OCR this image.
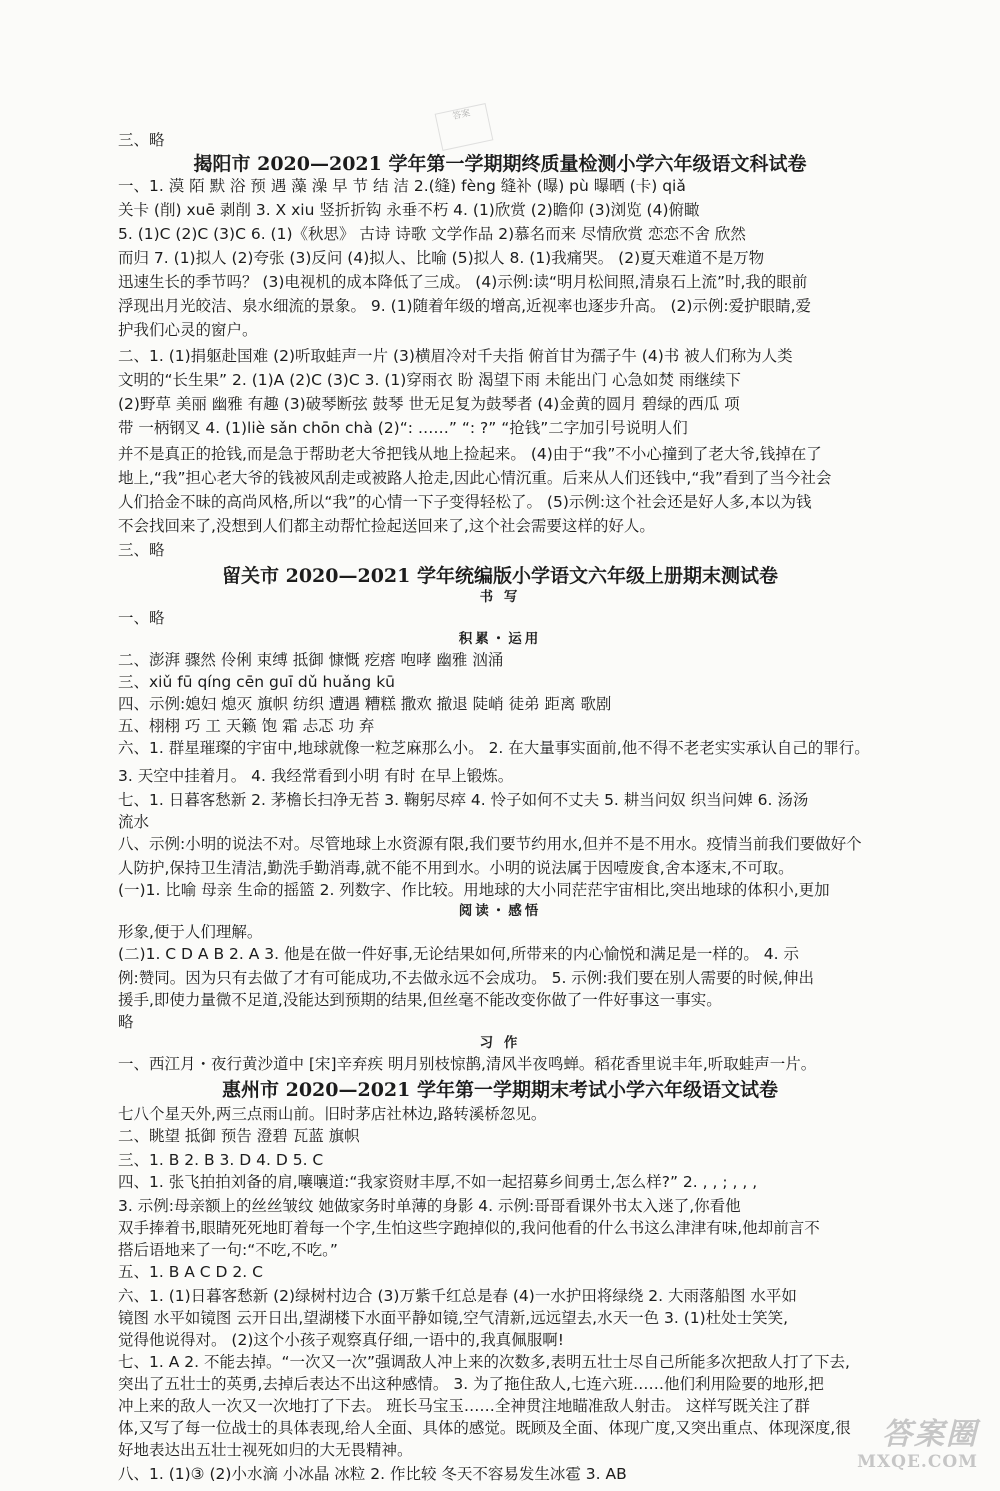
答案
三、略
揭阳市 2020—2021 学年第一学期期终质量检测小学六年级语文科试卷
一、1. 漠 陌 默 浴 预 遇 藻 澡 早 节 结 洁 2.(缝) fèng 缝补 (曝) pù 曝晒 (卡) qiǎ
关卡 (削) xuē 剥削 3. X xiu 竖折折钩 永垂不朽 4. (1)欣赏 (2)瞻仰 (3)浏览 (4)俯瞰
5. (1)C (2)C (3)C 6. (1)《秋思》 古诗 诗歌 文学作品 2)慕名而来 尽情欣赏 恋恋不舍 欣然
而归 7. (1)拟人 (2)夸张 (3)反问 (4)拟人、比喻 (5)拟人 8. (1)我痛哭。 (2)夏天难道不是万物
迅速生长的季节吗？ (3)电视机的成本降低了三成。 (4)示例:读“明月松间照,清泉石上流”时,我的眼前
浮现出月光皎洁、泉水细流的景象。 9. (1)随着年级的增高,近视率也逐步升高。 (2)示例:爱护眼睛,爱
护我们心灵的窗户。
二、1. (1)捐躯赴国难 (2)听取蛙声一片 (3)横眉冷对千夫指 俯首甘为孺子牛 (4)书 被人们称为人类
文明的“长生果” 2. (1)A (2)C (3)C 3. (1)穿雨衣 盼 渴望下雨 未能出门 心急如焚 雨继续下
(2)野草 美丽 幽雅 有趣 (3)破琴断弦 鼓琴 世无足复为鼓琴者 (4)金黄的圆月 碧绿的西瓜 项
带 一柄钢叉 4. (1)liè sǎn chōn chà (2)“: ……” “: ?” “抢钱”二字加引号说明人们
并不是真正的抢钱,而是急于帮助老大爷把钱从地上捡起来。 (4)由于“我”不小心撞到了老大爷,钱掉在了
地上,“我”担心老大爷的钱被风刮走或被路人抢走,因此心情沉重。后来从人们还钱中,“我”看到了当今社会
人们拾金不昧的高尚风格,所以“我”的心情一下子变得轻松了。 (5)示例:这个社会还是好人多,本以为钱
不会找回来了,没想到人们都主动帮忙捡起送回来了,这个社会需要这样的好人。
三、略
留关市 2020—2021 学年统编版小学语文六年级上册期末测试卷
书 写
一、略
积累・运用
二、澎湃 骤然 伶俐 束缚 抵御 慷慨 疙瘩 咆哮 幽雅 汹涌
三、xiǔ fū qíng cēn guī dǔ huǎng kū
四、示例:媳妇 熄灭 旗帜 纺织 遭遇 糟糕 撒欢 撤退 陡峭 徒弟 距离 歌剧
五、栩栩 巧 工 天籁 饱 霜 忐忑 功 弃
六、1. 群星璀璨的宇宙中,地球就像一粒芝麻那么小。 2. 在大量事实面前,他不得不老老实实承认自己的罪行。
3. 天空中挂着月。 4. 我经常看到小明 有时 在早上锻炼。
七、1. 日暮客愁新 2. 茅檐长扫净无苔 3. 鞠躬尽瘁 4. 怜子如何不丈夫 5. 耕当问奴 织当问婢 6. 汤汤
流水
八、示例:小明的说法不对。尽管地球上水资源有限,我们要节约用水,但并不是不用水。疫情当前我们要做好个
人防护,保持卫生清洁,勤洗手勤消毒,就不能不用到水。小明的说法属于因噎废食,舍本逐末,不可取。
(一)1. 比喻 母亲 生命的摇篮 2. 列数字、作比较。用地球的大小同茫茫宇宙相比,突出地球的体积小,更加
阅读・感悟
形象,便于人们理解。
(二)1. C D A B 2. A 3. 他是在做一件好事,无论结果如何,所带来的内心愉悦和满足是一样的。 4. 示
例:赞同。因为只有去做了才有可能成功,不去做永远不会成功。 5. 示例:我们要在别人需要的时候,伸出
援手,即使力量微不足道,没能达到预期的结果,但丝毫不能改变你做了一件好事这一事实。
略
习 作
一、西江月・夜行黄沙道中 [宋]辛弃疾 明月别枝惊鹊,清风半夜鸣蝉。稻花香里说丰年,听取蛙声一片。
惠州市 2020—2021 学年第一学期期末考试小学六年级语文试卷
七八个星天外,两三点雨山前。旧时茅店社林边,路转溪桥忽见。
二、眺望 抵御 预告 澄碧 瓦蓝 旗帜
三、1. B 2. B 3. D 4. D 5. C
四、1. 张飞拍拍刘备的肩,嚷嚷道:“我家资财丰厚,不如一起招募乡间勇士,怎么样?” 2. , , ; , , ,
3. 示例:母亲额上的丝丝皱纹 她做家务时单薄的身影 4. 示例:哥哥看课外书太入迷了,你看他
双手捧着书,眼睛死死地盯着每一个字,生怕这些字跑掉似的,我问他看的什么书这么津津有味,他却前言不
搭后语地来了一句:“不吃,不吃。”
五、1. B A C D 2. C
六、1. (1)日暮客愁新 (2)绿树村边合 (3)万紫千红总是春 (4)一水护田将绿绕 2. 大雨落船图 水平如
镜图 水平如镜图 云开日出,望湖楼下水面平静如镜,空气清新,远远望去,水天一色 3. (1)杜处士笑笑,
觉得他说得对。 (2)这个小孩子观察真仔细,一语中的,我真佩服啊!
七、1. A 2. 不能去掉。“一次又一次”强调敌人冲上来的次数多,表明五壮士尽自己所能多次把敌人打了下去,
突出了五壮士的英勇,去掉后表达不出这种感情。 3. 为了拖住敌人,七连六班……他们利用险要的地形,把
冲上来的敌人一次又一次地打了下去。 班长马宝玉……全神贯注地瞄准敌人射击。 这样写既关注了群
体,又写了每一位战士的具体表现,给人全面、具体的感觉。既顾及全面、体现广度,又突出重点、体现深度,很
好地表达出五壮士视死如归的大无畏精神。
八、1. (1)③ (2)小水滴 小冰晶 冰粒 2. 作比较 冬天不容易发生冰雹 3. AB
答案圈
MXQE.COM
